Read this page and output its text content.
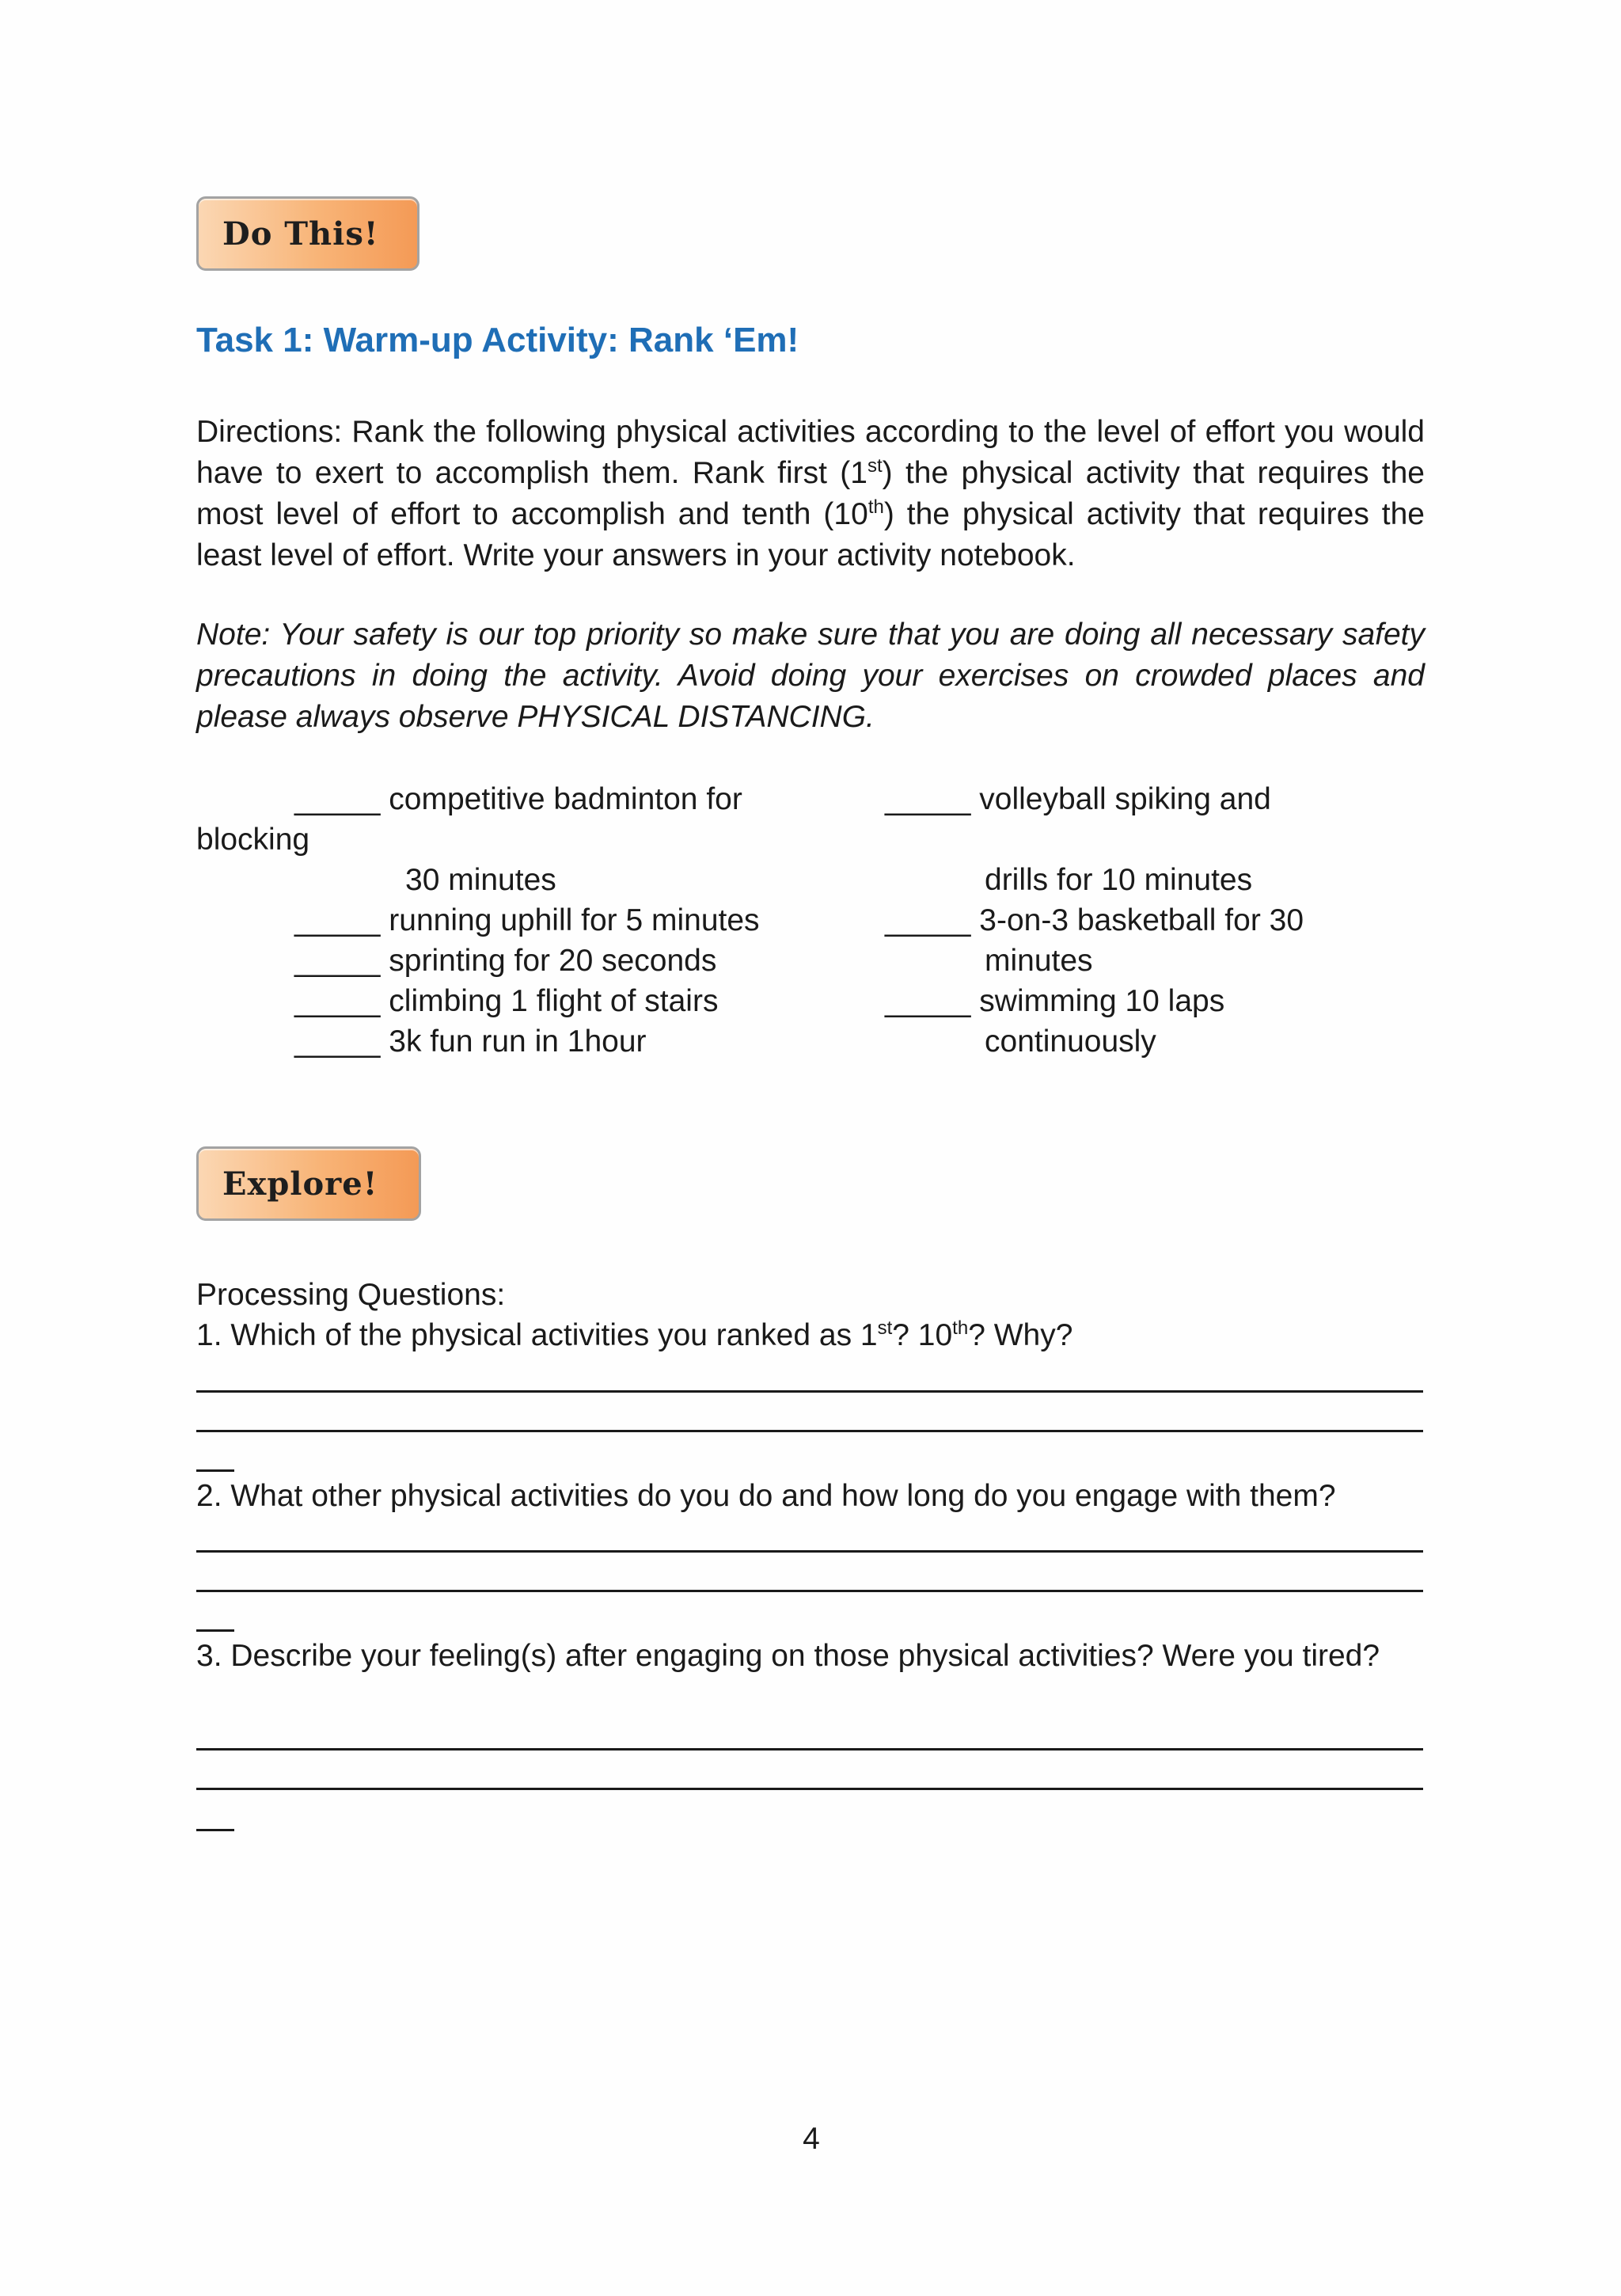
Do This!
Task 1: Warm-up Activity: Rank ‘Em!
Directions: Rank the following physical activities according to the level of effort you would have to exert to accomplish them. Rank first (1st) the physical activity that requires the most level of effort to accomplish and tenth (10th) the physical activity that requires the least level of effort. Write your answers in your activity notebook.
Note: Your safety is our top priority so make sure that you are doing all necessary safety precautions in doing the activity. Avoid doing your exercises on crowded places and please always observe PHYSICAL DISTANCING.
_____ competitive badminton for
blocking
30 minutes
_____ running uphill for 5 minutes
_____ sprinting for 20 seconds
_____ climbing 1 flight of stairs
_____ 3k fun run in 1hour
_____ volleyball spiking and
drills for 10 minutes
_____ 3-on-3 basketball for 30
minutes
_____ swimming 10 laps
continuously
Explore!
Processing Questions:
1. Which of the physical activities you ranked as 1st? 10th? Why?
2. What other physical activities do you do and how long do you engage with them?
3. Describe your feeling(s) after engaging on those physical activities? Were you tired?
4
